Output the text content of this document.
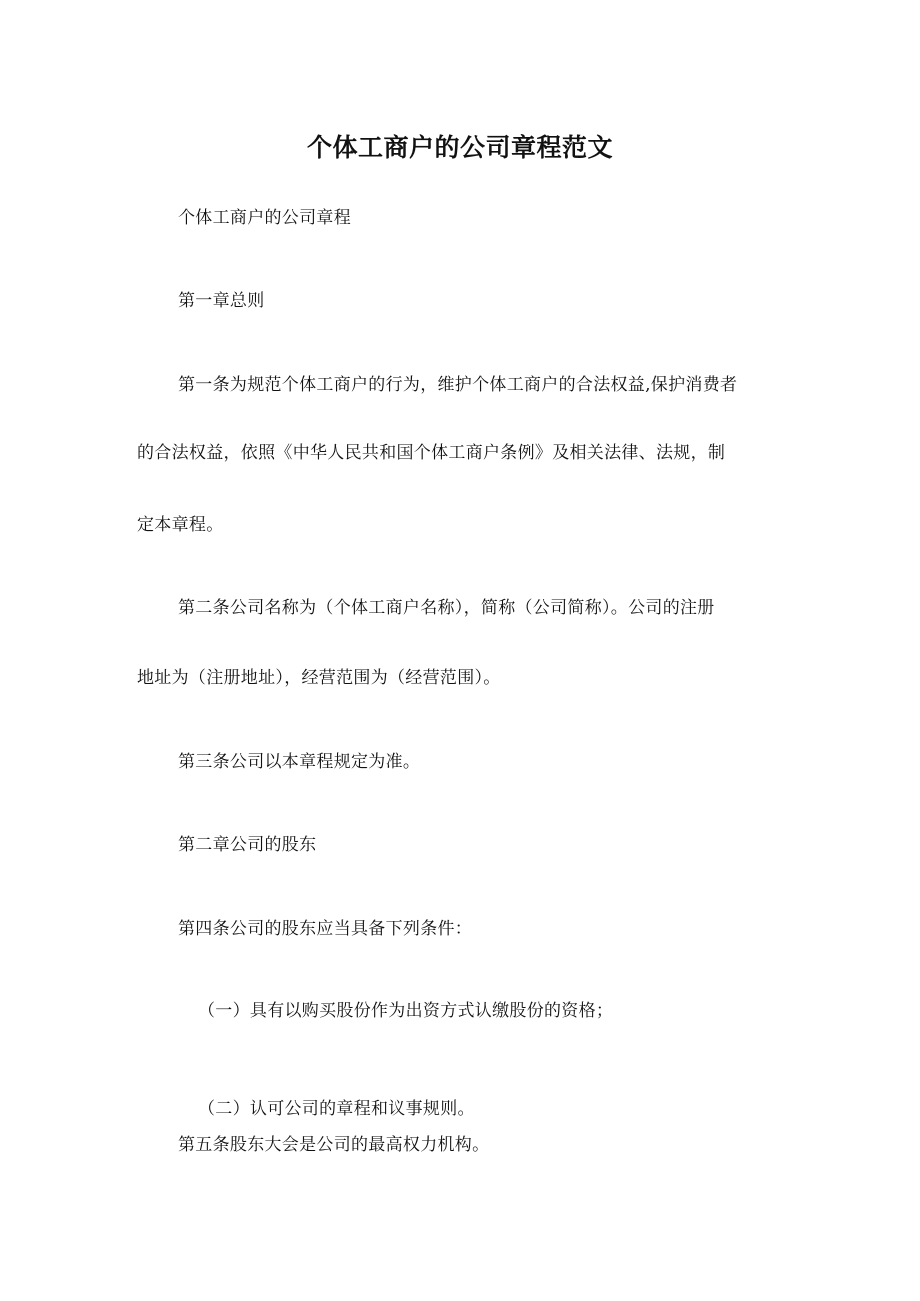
个体工商户的公司章程范文
个体工商户的公司章程
第一章总则
第一条为规范个体工商户的行为，维护个体工商户的合法权益,保护消费者
的合法权益，依照《中华人民共和国个体工商户条例》及相关法律、法规，制
定本章程。
第二条公司名称为（个体工商户名称），简称（公司简称）。公司的注册
地址为（注册地址），经营范围为（经营范围）。
第三条公司以本章程规定为准。
第二章公司的股东
第四条公司的股东应当具备下列条件：
（一）具有以购买股份作为出资方式认缴股份的资格；
（二）认可公司的章程和议事规则。
第五条股东大会是公司的最高权力机构。
